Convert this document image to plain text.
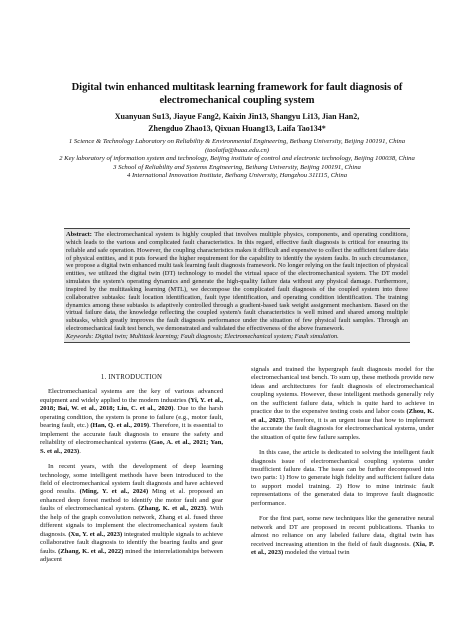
Digital twin enhanced multitask learning framework for fault diagnosis of electromechanical coupling system
Xuanyuan Su13, Jiayue Fang2, Kaixin Jin13, Shangyu Li13, Jian Han2,
Zhengduo Zhao13, Qixuan Huang13, Laifa Tao134*
1 Science & Technology Laboratory on Reliability & Environmental Engineering, Beihang University, Beijing 100191, China (taolaifa@buaa.edu.cn)
2 Key laboratory of information system and technology, Beijing institute of control and electronic technology, Beijing 100038, China
3 School of Reliability and Systems Engineering, Beihang University, Beijing 100191, China
4 International Innovation Institute, Beihang University, Hangzhou 311115, China
Abstract: The electromechanical system is highly coupled that involves multiple physics, components, and operating conditions, which leads to the various and complicated fault characteristics. In this regard, effective fault diagnosis is critical for ensuring its reliable and safe operation. However, the coupling characteristics makes it difficult and expensive to collect the sufficient failure data of physical entities, and it puts forward the higher requirement for the capability to identify the system faults. In such circumstance, we propose a digital twin enhanced multi task learning fault diagnosis framework. No longer relying on the fault injection of physical entities, we utilized the digital twin (DT) technology to model the virtual space of the electromechanical system. The DT model simulates the system's operating dynamics and generate the high-quality failure data without any physical damage. Furthermore, inspired by the multitasking learning (MTL), we decompose the complicated fault diagnosis of the coupled system into three collaborative subtasks: fault location identification, fault type identification, and operating condition identification. The training dynamics among these subtasks is adaptively controlled through a gradient-based task weight assignment mechanism. Based on the virtual failure data, the knowledge reflecting the coupled system's fault characteristics is well mined and shared among multiple subtasks, which greatly improves the fault diagnosis performance under the situation of few physical fault samples. Through an electromechanical fault test bench, we demonstrated and validated the effectiveness of the above framework.
Keywords: Digital twin; Multitask learning; Fault diagnosis; Electromechanical system; Fault simulation.
1. INTRODUCTION

Electromechanical systems are the key of various advanced equipment and widely applied to the modern industries (Yi, Y. et al., 2018; Bai, W. et al., 2018; Liu, C. et al., 2020). Due to the harsh operating condition, the system is prone to failure (e.g., motor fault, bearing fault, etc.) (Han, Q. et al., 2019). Therefore, it is essential to implement the accurate fault diagnosis to ensure the safety and reliability of electromechanical systems (Gao, A. et al., 2021; Yan, S. et al., 2023).

In recent years, with the development of deep learning technology, some intelligent methods have been introduced to the field of electromechanical system fault diagnosis and have achieved good results. (Ming, Y. et al., 2024) Ming et al. proposed an enhanced deep forest method to identify the motor fault and gear faults of electromechanical system. (Zhang, K. et al., 2023). With the help of the graph convolution network, Zhang et al. fused three different signals to implement the electromechanical system fault diagnosis. (Xu, Y. et al., 2023) integrated multiple signals to achieve collaborative fault diagnosis to identify the bearing faults and gear faults. (Zhang, K. et al., 2022) mined the interrelationships between adjacent

signals and trained the hypergraph fault diagnosis model for the electromechanical test bench. To sum up, these methods provide new ideas and architectures for fault diagnosis of electromechanical coupling systems. However, these intelligent methods generally rely on the sufficient failure data, which is quite hard to achieve in practice due to the expensive testing costs and labor costs (Zhou, K. et al., 2023). Therefore, it is an urgent issue that how to implement the accurate the fault diagnosis for electromechanical systems, under the situation of quite few failure samples.

In this case, the article is dedicated to solving the intelligent fault diagnosis issue of electromechanical coupling systems under insufficient failure data. The issue can be further decomposed into two parts: 1) How to generate high fidelity and sufficient failure data to support model training. 2) How to mine intrinsic fault representations of the generated data to improve fault diagnostic performance.

For the first part, some new techniques like the generative neural network and DT are proposed in recent publications. Thanks to almost no reliance on any labeled failure data, digital twin has received increasing attention in the field of fault diagnosis. (Xia, P. et al., 2023) modeled the virtual twin
